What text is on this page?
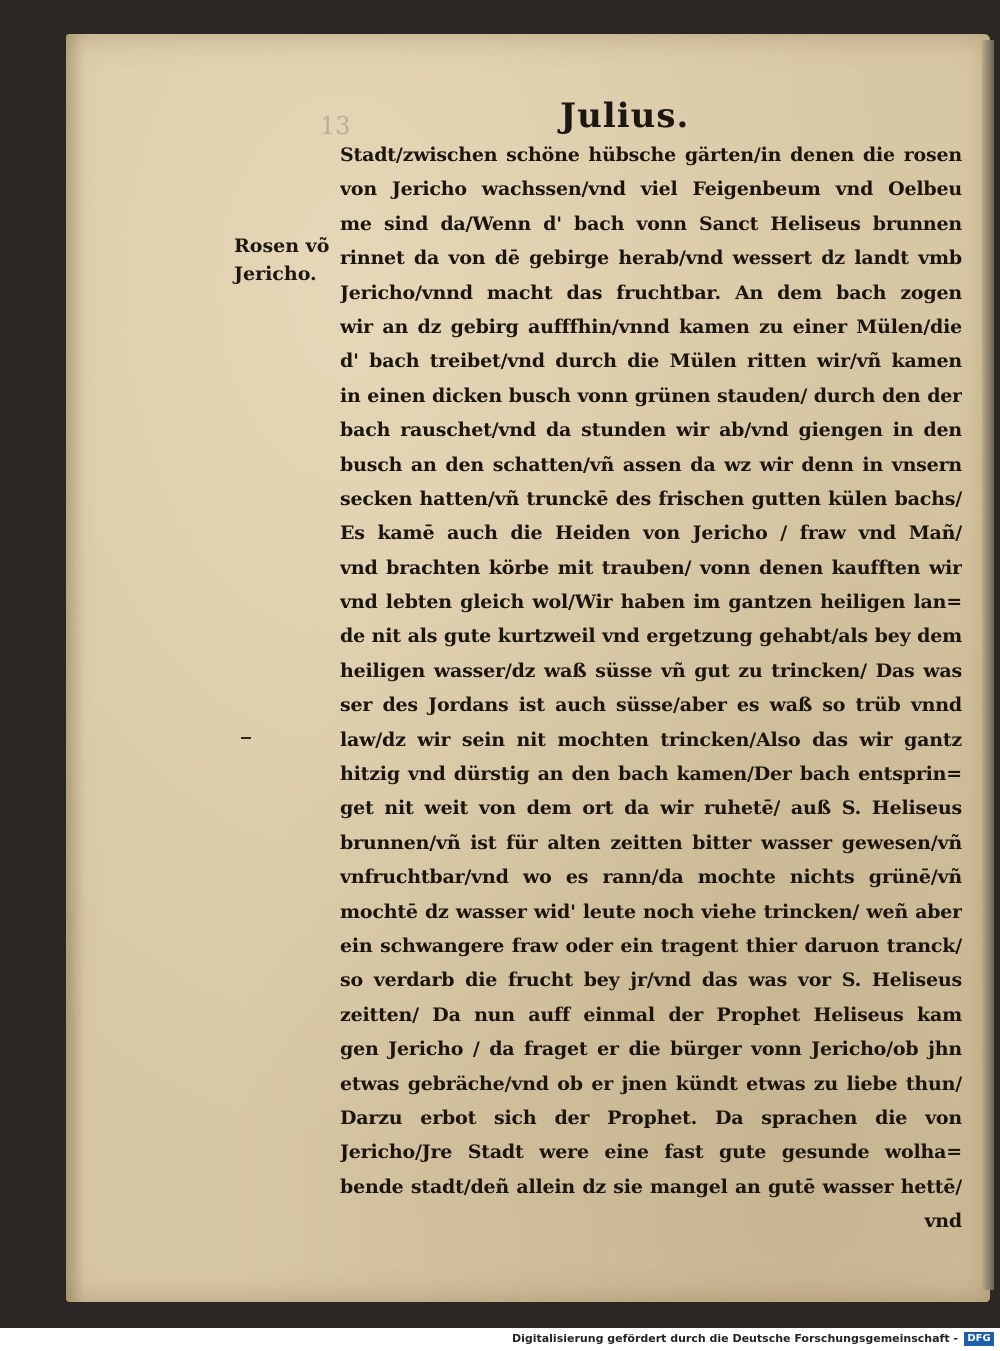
13	Julius.
Rosen võ
Jericho.
Stadt/zwischen schöne hübsche gärten/in denen die rosen
von Jericho wachssen/vnd viel Feigenbeum vnd Oelbeu
me sind da/Wenn d' bach vonn Sanct Heliseus brunnen
rinnet da von dē gebirge herab/vnd wessert dz landt vmb
Jericho/vnnd macht das fruchtbar. An dem bach zogen
wir an dz gebirg aufffhin/vnnd kamen zu einer Mülen/die
d' bach treibet/vnd durch die Mülen ritten wir/vñ kamen
in einen dicken busch vonn grünen stauden/ durch den der
bach rauschet/vnd da stunden wir ab/vnd giengen in den
busch an den schatten/vñ assen da wz wir denn in vnsern
secken hatten/vñ trunckē des frischen gutten külen bachs/
Es kamē auch die Heiden von Jericho / fraw vnd Mañ/
vnd brachten körbe mit trauben/ vonn denen kaufften wir
vnd lebten gleich wol/Wir haben im gantzen heiligen lan=
de nit als gute kurtzweil vnd ergetzung gehabt/als bey dem
heiligen wasser/dz waß süsse vñ gut zu trincken/ Das was
ser des Jordans ist auch süsse/aber es waß so trüb vnnd
law/dz wir sein nit mochten trincken/Also das wir gantz
hitzig vnd dürstig an den bach kamen/Der bach entsprin=
get nit weit von dem ort da wir ruhetē/ auß S. Heliseus
brunnen/vñ ist für alten zeitten bitter wasser gewesen/vñ
vnfruchtbar/vnd wo es rann/da mochte nichts grünē/vñ
mochtē dz wasser wid' leute noch viehe trincken/ weñ aber
ein schwangere fraw oder ein tragent thier daruon tranck/
so verdarb die frucht bey jr/vnd das was vor S. Heliseus
zeitten/ Da nun auff einmal der Prophet Heliseus kam
gen Jericho / da fraget er die bürger vonn Jericho/ob jhn
etwas gebräche/vnd ob er jnen kündt etwas zu liebe thun/
Darzu erbot sich der Prophet. Da sprachen die von
Jericho/Jre Stadt were eine fast gute gesunde wolha=
bende stadt/deñ allein dz sie mangel an gutē wasser hettē/
vnd
Digitalisierung gefördert durch die Deutsche Forschungsgemeinschaft - DFG
